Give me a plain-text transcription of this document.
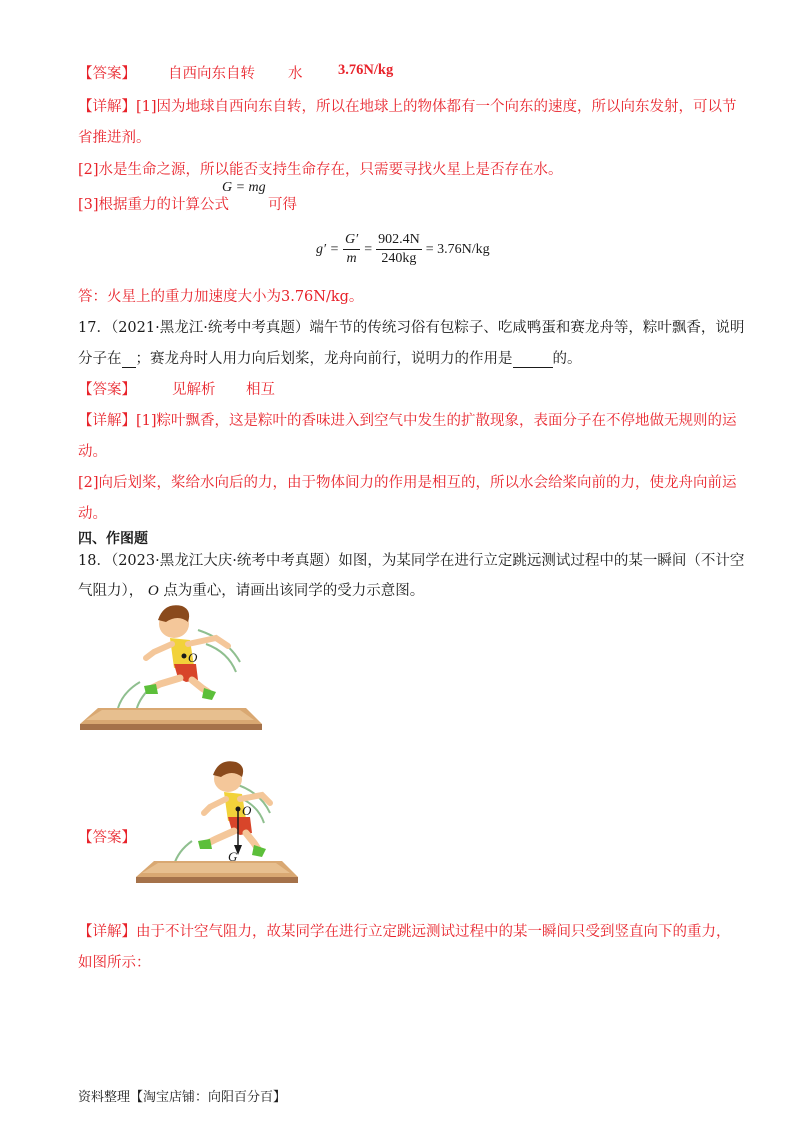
【答案】 自西向东自转 水 3.76N/kg
【详解】[1]因为地球自西向东自转，所以在地球上的物体都有一个向东的速度，所以向东发射，可以节
省推进剂。
[2]水是生命之源，所以能否支持生命存在，只需要寻找火星上是否存在水。
[3]根据重力的计算公式
G = mg
可得
$g' = \frac{G'}{m} = \frac{902.4N}{240kg} = 3.76N/kg$
答：火星上的重力加速度大小为3.76N/kg。
17．（2021·黑龙江·统考中考真题）端午节的传统习俗有包粽子、吃咸鸭蛋和赛龙舟等，粽叶飘香，说明
分子在 ；赛龙舟时人用力向后划桨，龙舟向前行，说明力的作用是	的。
【答案】 见解析 相互
【详解】[1]粽叶飘香，这是粽叶的香味进入到空气中发生的扩散现象，表面分子在不停地做无规则的运
动。
[2]向后划桨，桨给水向后的力，由于物体间力的作用是相互的，所以水会给桨向前的力，使龙舟向前运
动。
四、作图题
18．（2023·黑龙江大庆·统考中考真题）如图，为某同学在进行立定跳远测试过程中的某一瞬间（不计空
气阻力）， O 点为重心，请画出该同学的受力示意图。
O
【答案】
O
G
【详解】由于不计空气阻力，故某同学在进行立定跳远测试过程中的某一瞬间只受到竖直向下的重力，
如图所示：
资料整理【淘宝店铺：向阳百分百】
